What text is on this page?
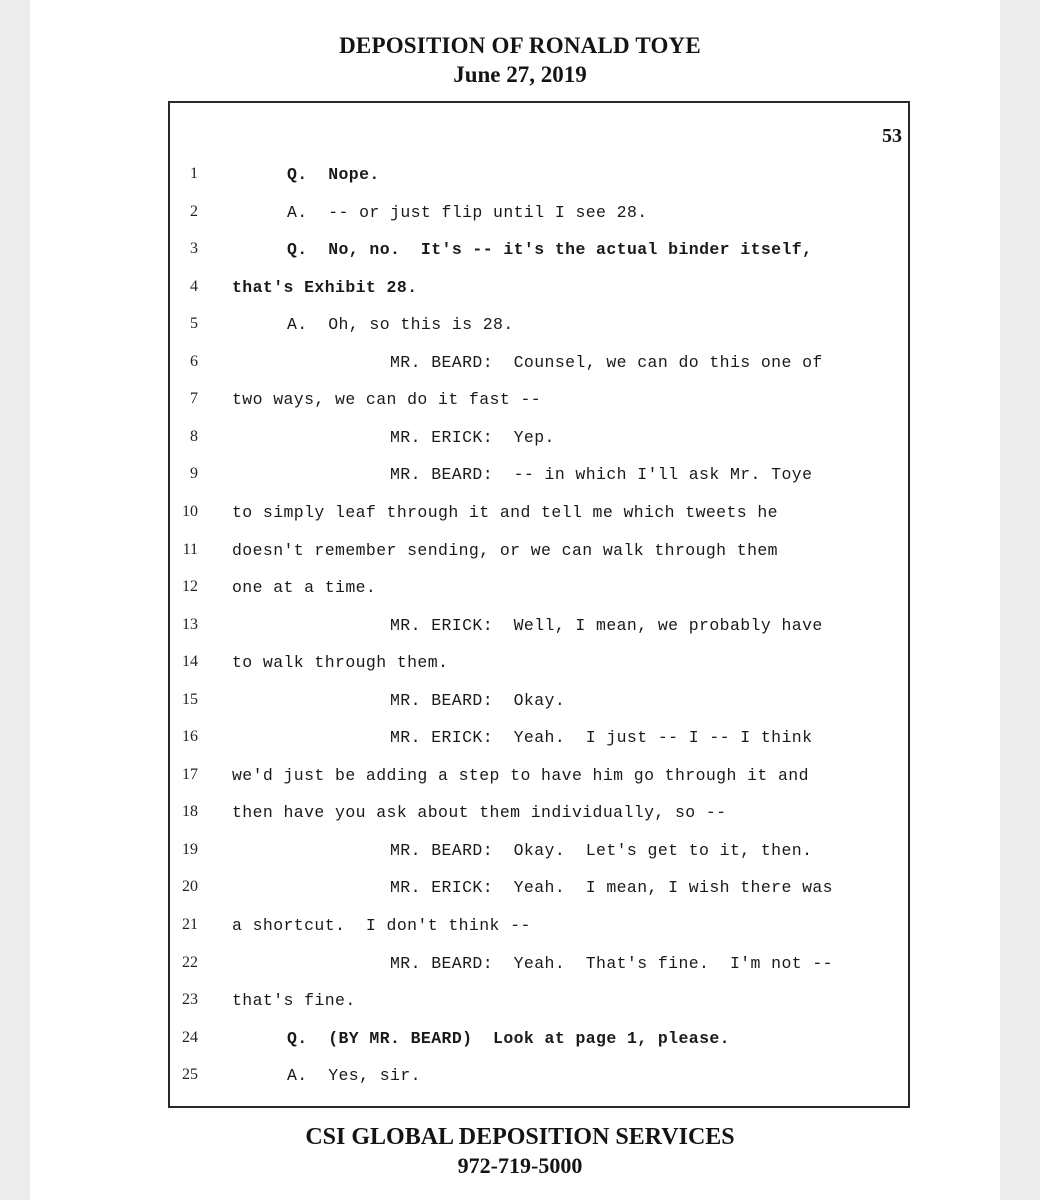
DEPOSITION OF RONALD TOYE
June 27, 2019
53
1	Q.  Nope.
2	A.  -- or just flip until I see 28.
3	Q.  No, no.  It's -- it's the actual binder itself,
4 that's Exhibit 28.
5	A.  Oh, so this is 28.
6	MR. BEARD:  Counsel, we can do this one of
7 two ways, we can do it fast --
8	MR. ERICK:  Yep.
9	MR. BEARD:  -- in which I'll ask Mr. Toye
10 to simply leaf through it and tell me which tweets he
11 doesn't remember sending, or we can walk through them
12 one at a time.
13	MR. ERICK:  Well, I mean, we probably have
14 to walk through them.
15	MR. BEARD:  Okay.
16	MR. ERICK:  Yeah.  I just -- I -- I think
17 we'd just be adding a step to have him go through it and
18 then have you ask about them individually, so --
19	MR. BEARD:  Okay.  Let's get to it, then.
20	MR. ERICK:  Yeah.  I mean, I wish there was
21 a shortcut.  I don't think --
22	MR. BEARD:  Yeah.  That's fine.  I'm not --
23 that's fine.
24	Q.  (BY MR. BEARD)  Look at page 1, please.
25	A.  Yes, sir.
CSI GLOBAL DEPOSITION SERVICES
972-719-5000
